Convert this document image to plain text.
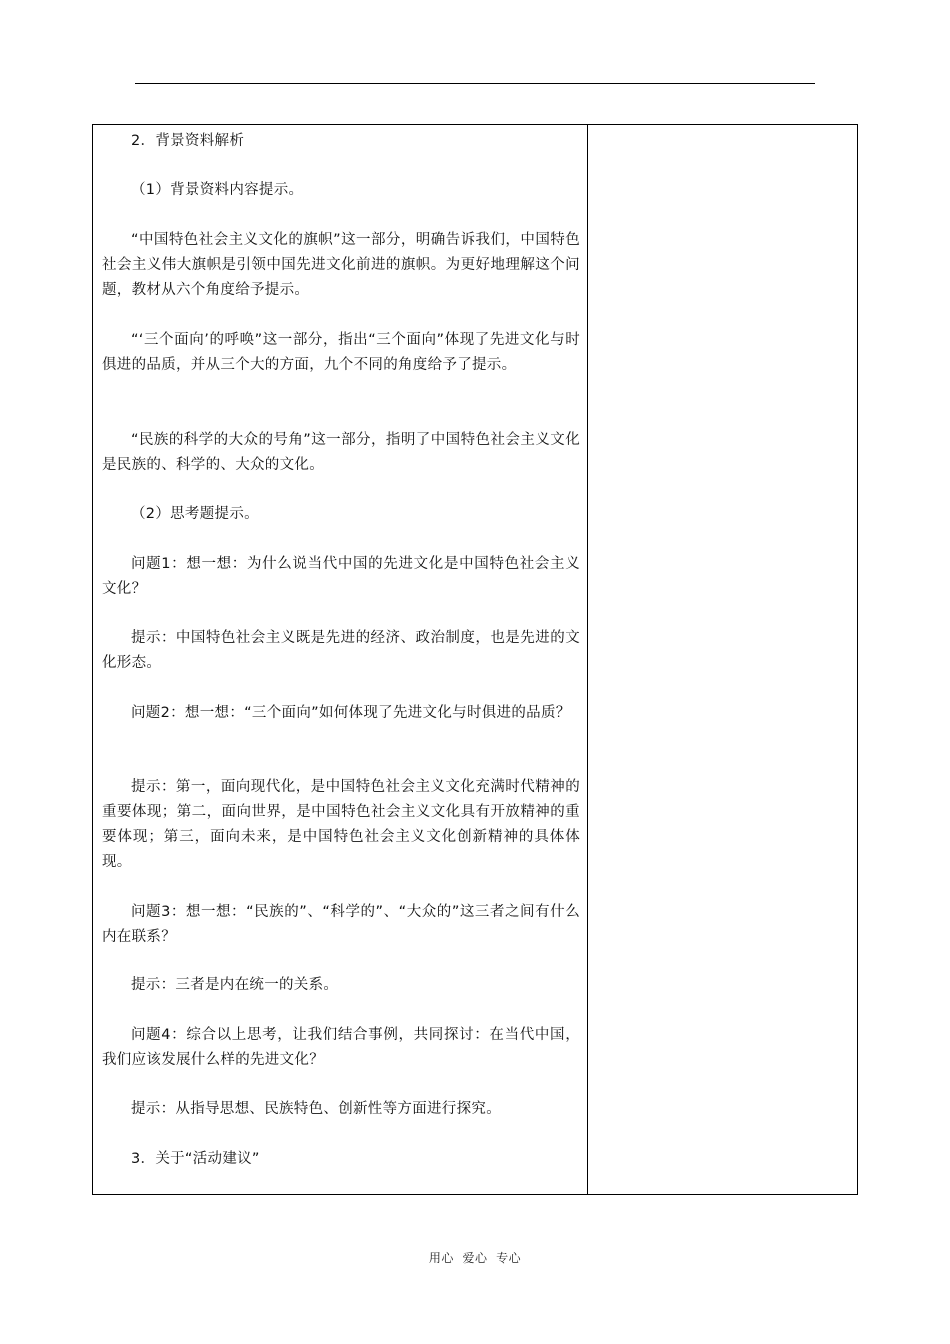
2．背景资料解析

（1）背景资料内容提示。

“中国特色社会主义文化的旗帜”这一部分，明确告诉我们，中国特色社会主义伟大旗帜是引领中国先进文化前进的旗帜。为更好地理解这个问题，教材从六个角度给予提示。

“‘三个面向’的呼唤”这一部分，指出“三个面向”体现了先进文化与时俱进的品质，并从三个大的方面，九个不同的角度给予了提示。

“民族的科学的大众的号角”这一部分，指明了中国特色社会主义文化是民族的、科学的、大众的文化。

（2）思考题提示。

问题1：想一想：为什么说当代中国的先进文化是中国特色社会主义文化？

提示：中国特色社会主义既是先进的经济、政治制度，也是先进的文化形态。

问题2：想一想：“三个面向”如何体现了先进文化与时俱进的品质？

提示：第一，面向现代化，是中国特色社会主义文化充满时代精神的重要体现；第二，面向世界，是中国特色社会主义文化具有开放精神的重要体现；第三，面向未来，是中国特色社会主义文化创新精神的具体体现。

问题3：想一想：“民族的”、“科学的”、“大众的”这三者之间有什么内在联系？

提示：三者是内在统一的关系。

问题4：综合以上思考，让我们结合事例，共同探讨：在当代中国，我们应该发展什么样的先进文化？

提示：从指导思想、民族特色、创新性等方面进行探究。

3．关于“活动建议”

用心  爱心  专心
